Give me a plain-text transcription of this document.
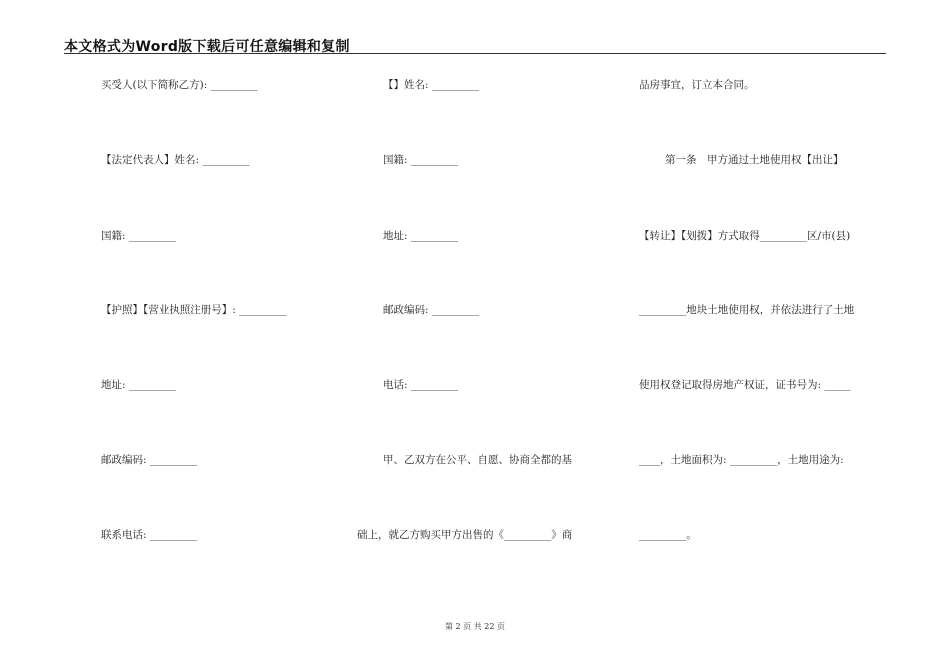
本文格式为Word版下载后可任意编辑和复制
买受人(以下简称乙方): _________
【法定代表人】姓名: _________
国籍: _________
【护照】【营业执照注册号】: _________
地址: _________
邮政编码: _________
联系电话: _________
【】姓名: _________
国籍: _________
地址: _________
邮政编码: _________
电话: _________
甲、乙双方在公平、自愿、协商全都的基
础上，就乙方购买甲方出售的《_________》商
品房事宜，订立本合同。
第一条　甲方通过土地使用权【出让】
【转让】【划拨】方式取得_________区/市(县)
_________地块土地使用权，并依法进行了土地
使用权登记取得房地产权证，证书号为: _____
____，土地面积为: _________，土地用途为:
_________。
第 2 页 共 22 页
